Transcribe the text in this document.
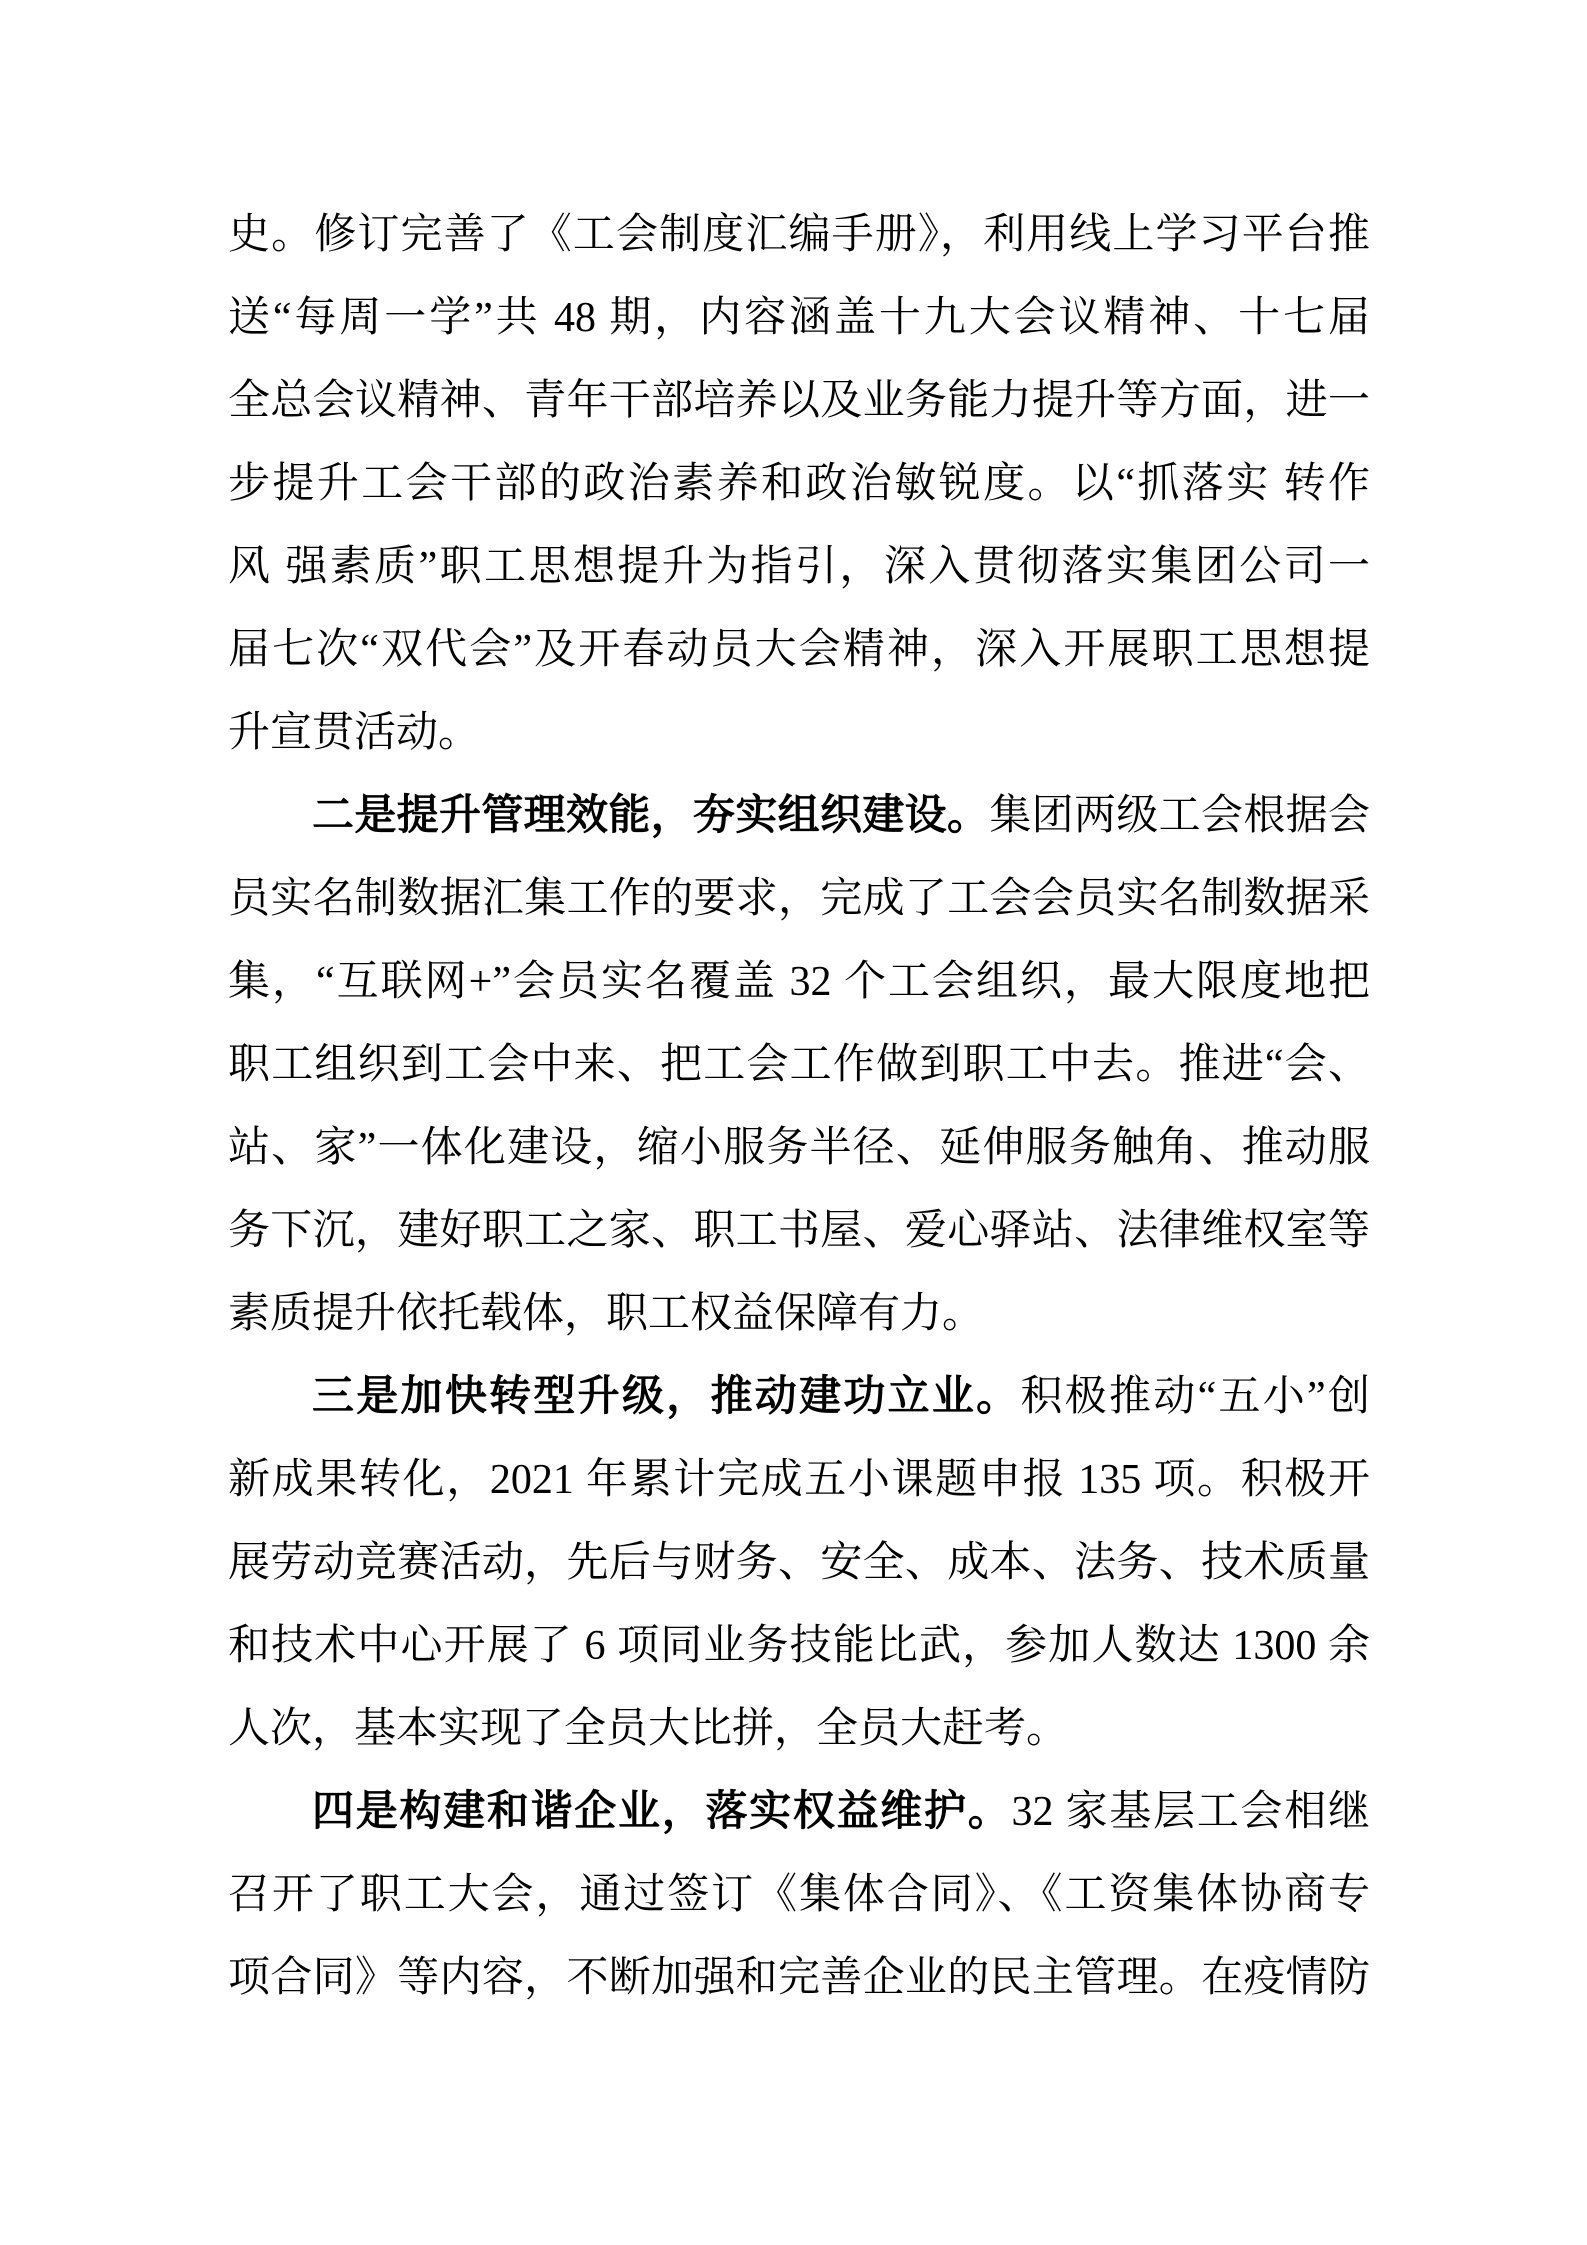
史。修订完善了《工会制度汇编手册》，利用线上学习平台推
送“每周一学”共 48 期，内容涵盖十九大会议精神、十七届
全总会议精神、青年干部培养以及业务能力提升等方面，进一
步提升工会干部的政治素养和政治敏锐度。以“抓落实 转作
风 强素质”职工思想提升为指引，深入贯彻落实集团公司一
届七次“双代会”及开春动员大会精神，深入开展职工思想提
升宣贯活动。
二是提升管理效能，夯实组织建设。集团两级工会根据会
员实名制数据汇集工作的要求，完成了工会会员实名制数据采
集，“互联网+”会员实名覆盖 32 个工会组织，最大限度地把
职工组织到工会中来、把工会工作做到职工中去。推进“会、
站、家”一体化建设，缩小服务半径、延伸服务触角、推动服
务下沉，建好职工之家、职工书屋、爱心驿站、法律维权室等
素质提升依托载体，职工权益保障有力。
三是加快转型升级，推动建功立业。积极推动“五小”创
新成果转化，2021 年累计完成五小课题申报 135 项。积极开
展劳动竞赛活动，先后与财务、安全、成本、法务、技术质量
和技术中心开展了 6 项同业务技能比武，参加人数达 1300 余
人次，基本实现了全员大比拼，全员大赶考。
四是构建和谐企业，落实权益维护。32 家基层工会相继
召开了职工大会，通过签订《集体合同》、《工资集体协商专
项合同》等内容，不断加强和完善企业的民主管理。在疫情防
